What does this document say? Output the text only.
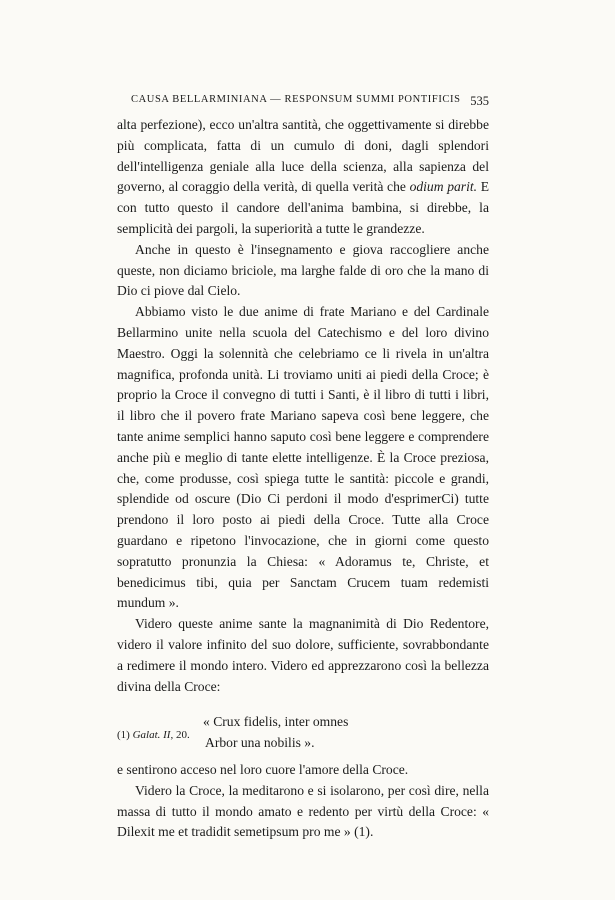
CAUSA BELLARMINIANA — RESPONSUM SUMMI PONTIFICIS 535

alta perfezione), ecco un'altra santità, che oggettivamente si direbbe più complicata, fatta di un cumulo di doni, dagli splendori dell'intelligenza geniale alla luce della scienza, alla sapienza del governo, al coraggio della verità, di quella verità che odium parit. E con tutto questo il candore dell'anima bambina, si direbbe, la semplicità dei pargoli, la superiorità a tutte le grandezze.

Anche in questo è l'insegnamento e giova raccogliere anche queste, non diciamo briciole, ma larghe falde di oro che la mano di Dio ci piove dal Cielo.

Abbiamo visto le due anime di frate Mariano e del Cardinale Bellarmino unite nella scuola del Catechismo e del loro divino Maestro. Oggi la solennità che celebriamo ce li rivela in un'altra magnifica, profonda unità. Li troviamo uniti ai piedi della Croce; è proprio la Croce il convegno di tutti i Santi, è il libro di tutti i libri, il libro che il povero frate Mariano sapeva così bene leggere, che tante anime semplici hanno saputo così bene leggere e comprendere anche più e meglio di tante elette intelligenze. È la Croce preziosa, che, come produsse, così spiega tutte le santità: piccole e grandi, splendide od oscure (Dio Ci perdoni il modo d'esprimerCi) tutte prendono il loro posto ai piedi della Croce. Tutte alla Croce guardano e ripetono l'invocazione, che in giorni come questo sopratutto pronunzia la Chiesa: « Adoramus te, Christe, et benedicimus tibi, quia per Sanctam Crucem tuam redemisti mundum ».

Videro queste anime sante la magnanimità di Dio Redentore, videro il valore infinito del suo dolore, sufficiente, sovrabbondante a redimere il mondo intero. Videro ed apprezzarono così la bellezza divina della Croce:

« Crux fidelis, inter omnes
Arbor una nobilis ».

e sentirono acceso nel loro cuore l'amore della Croce.

Videro la Croce, la meditarono e si isolarono, per così dire, nella massa di tutto il mondo amato e redento per virtù della Croce: « Dilexit me et tradidit semetipsum pro me » (1).

(1) Galat. II, 20.
